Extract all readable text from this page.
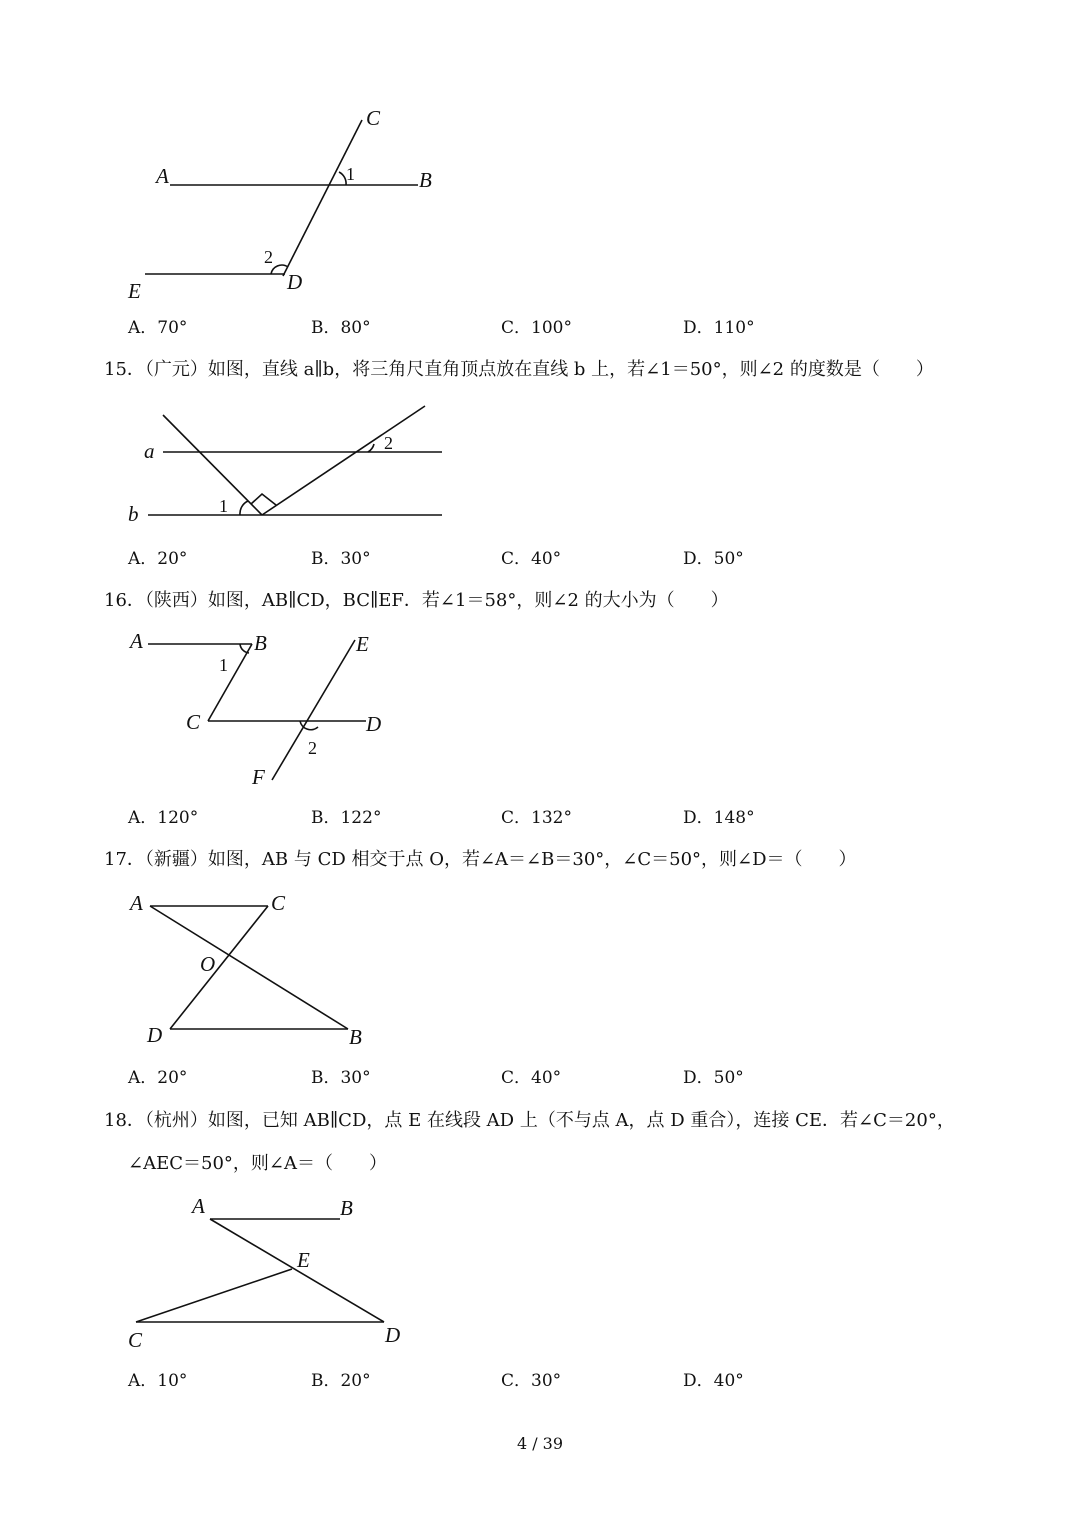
A	B
C
D
E
1
2
a
b	1
2
A	B
C	D
E
F
1
2
A	C
O
D	B
A	B
E
C	D
A．70°	B．80°	C．100°	D．110°
15．（广元）如图，直线 a∥b，将三角尺直角顶点放在直线 b 上，若∠1＝50°，则∠2 的度数是（　　）
A．20°	B．30°	C．40°	D．50°
16．（陕西）如图，AB∥CD，BC∥EF．若∠1＝58°，则∠2 的大小为（　　）
A．120°	B．122°	C．132°	D．148°
17．（新疆）如图，AB 与 CD 相交于点 O，若∠A＝∠B＝30°，∠C＝50°，则∠D＝（　　）
A．20°	B．30°	C．40°	D．50°
18．（杭州）如图，已知 AB∥CD，点 E 在线段 AD 上（不与点 A，点 D 重合），连接 CE．若∠C＝20°，
∠AEC＝50°，则∠A＝（　　）
A．10°	B．20°	C．30°	D．40°
4 / 39
